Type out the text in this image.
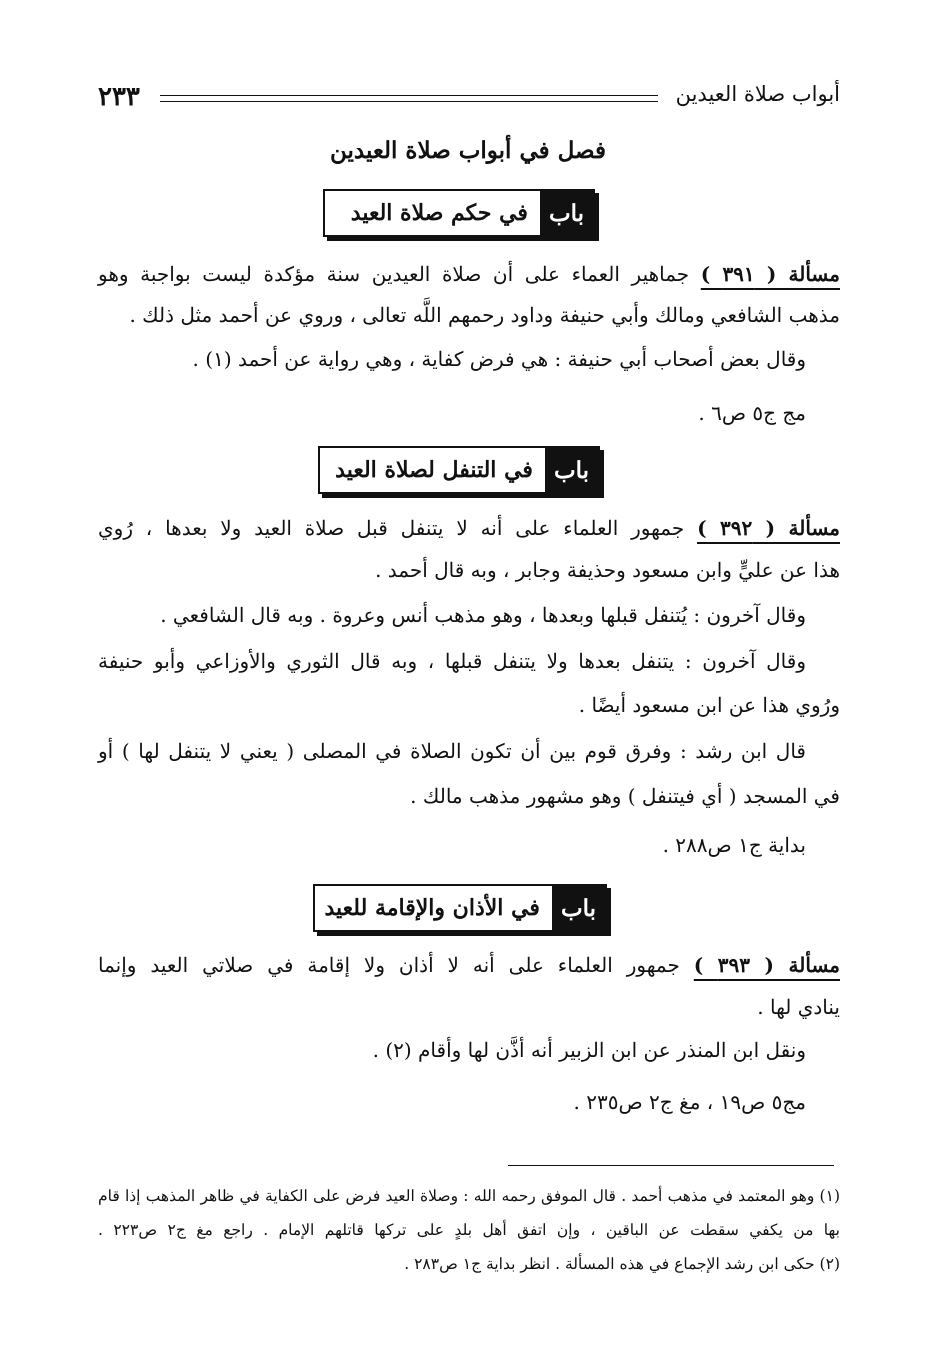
٢٣٣	أبواب صلاة العيدين
فصل في أبواب صلاة العيدين
باب
في حكم صلاة العيد
مسألة ( ٣٩١ ) جماهير العماء على أن صلاة العيدين سنة مؤكدة ليست بواجبة وهو
مذهب الشافعي ومالك وأبي حنيفة وداود رحمهم اللَّه تعالى ، وروي عن أحمد مثل ذلك .
وقال بعض أصحاب أبي حنيفة : هي فرض كفاية ، وهي رواية عن أحمد (١) .
مج ج٥ ص٦ .
باب
في التنفل لصلاة العيد
مسألة ( ٣٩٢ ) جمهور العلماء على أنه لا يتنفل قبل صلاة العيد ولا بعدها ، رُوي
هذا عن عليٍّ وابن مسعود وحذيفة وجابر ، وبه قال أحمد .
وقال آخرون : يُتنفل قبلها وبعدها ، وهو مذهب أنس وعروة . وبه قال الشافعي .
وقال آخرون : يتنفل بعدها ولا يتنفل قبلها ، وبه قال الثوري والأوزاعي وأبو حنيفة
ورُوي هذا عن ابن مسعود أيضًا .
قال ابن رشد : وفرق قوم بين أن تكون الصلاة في المصلى ( يعني لا يتنفل لها ) أو
في المسجد ( أي فيتنفل ) وهو مشهور مذهب مالك .
بداية ج١ ص٢٨٨ .
باب
في الأذان والإقامة للعيد
مسألة ( ٣٩٣ ) جمهور العلماء على أنه لا أذان ولا إقامة في صلاتي العيد وإنما
ينادي لها .
ونقل ابن المنذر عن ابن الزبير أنه أذَّن لها وأقام (٢) .
مج٥ ص١٩ ، مغ ج٢ ص٢٣٥ .
(١) وهو المعتمد في مذهب أحمد . قال الموفق رحمه الله : وصلاة العيد فرض على الكفاية في ظاهر المذهب إذا قام
بها من يكفي سقطت عن الباقين ، وإن اتفق أهل بلدٍ على تركها قاتلهم الإمام . راجع مغ ج٢ ص٢٢٣ .
(٢) حكى ابن رشد الإجماع في هذه المسألة . انظر بداية ج١ ص٢٨٣ .
